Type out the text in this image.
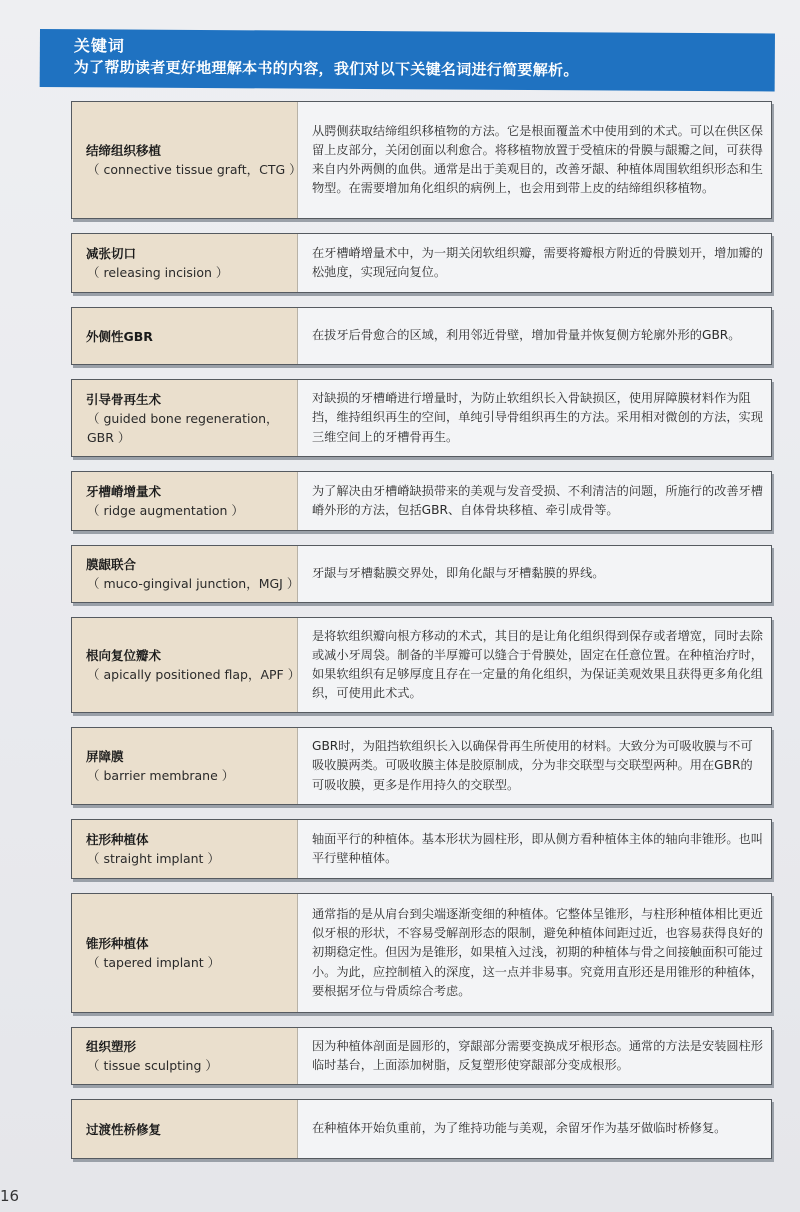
关键词
为了帮助读者更好地理解本书的内容，我们对以下关键名词进行简要解析。
结缔组织移植
（ connective tissue graft，CTG ）
从腭侧获取结缔组织移植物的方法。它是根面覆盖术中使用到的术式。可以在供区保留上皮部分，关闭创面以利愈合。将移植物放置于受植床的骨膜与龈瓣之间，可获得来自内外两侧的血供。通常是出于美观目的，改善牙龈、种植体周围软组织形态和生物型。在需要增加角化组织的病例上，也会用到带上皮的结缔组织移植物。
减张切口
（ releasing incision ）
在牙槽嵴增量术中，为一期关闭软组织瓣，需要将瓣根方附近的骨膜划开，增加瓣的松弛度，实现冠向复位。
外侧性GBR	在拔牙后骨愈合的区域，利用邻近骨壁，增加骨量并恢复侧方轮廓外形的GBR。
引导骨再生术
（ guided bone regeneration，GBR ）
对缺损的牙槽嵴进行增量时，为防止软组织长入骨缺损区，使用屏障膜材料作为阻挡，维持组织再生的空间，单纯引导骨组织再生的方法。采用相对微创的方法，实现三维空间上的牙槽骨再生。
牙槽嵴增量术
（ ridge augmentation ）
为了解决由牙槽嵴缺损带来的美观与发音受损、不利清洁的问题，所施行的改善牙槽嵴外形的方法，包括GBR、自体骨块移植、牵引成骨等。
膜龈联合
（ muco-gingival junction，MGJ ）
牙龈与牙槽黏膜交界处，即角化龈与牙槽黏膜的界线。
根向复位瓣术
（ apically positioned flap，APF ）
是将软组织瓣向根方移动的术式，其目的是让角化组织得到保存或者增宽，同时去除或减小牙周袋。制备的半厚瓣可以缝合于骨膜处，固定在任意位置。在种植治疗时，如果软组织有足够厚度且存在一定量的角化组织，为保证美观效果且获得更多角化组织，可使用此术式。
屏障膜
（ barrier membrane ）
GBR时，为阻挡软组织长入以确保骨再生所使用的材料。大致分为可吸收膜与不可吸收膜两类。可吸收膜主体是胶原制成，分为非交联型与交联型两种。用在GBR的可吸收膜，更多是作用持久的交联型。
柱形种植体
（ straight implant ）
轴面平行的种植体。基本形状为圆柱形，即从侧方看种植体主体的轴向非锥形。也叫平行壁种植体。
锥形种植体
（ tapered implant ）
通常指的是从肩台到尖端逐渐变细的种植体。它整体呈锥形，与柱形种植体相比更近似牙根的形状，不容易受解剖形态的限制，避免种植体间距过近，也容易获得良好的初期稳定性。但因为是锥形，如果植入过浅，初期的种植体与骨之间接触面积可能过小。为此，应控制植入的深度，这一点并非易事。究竟用直形还是用锥形的种植体，要根据牙位与骨质综合考虑。
组织塑形
（ tissue sculpting ）
因为种植体剖面是圆形的，穿龈部分需要变换成牙根形态。通常的方法是安装圆柱形临时基台，上面添加树脂，反复塑形使穿龈部分变成根形。
过渡性桥修复	在种植体开始负重前，为了维持功能与美观，余留牙作为基牙做临时桥修复。
16
